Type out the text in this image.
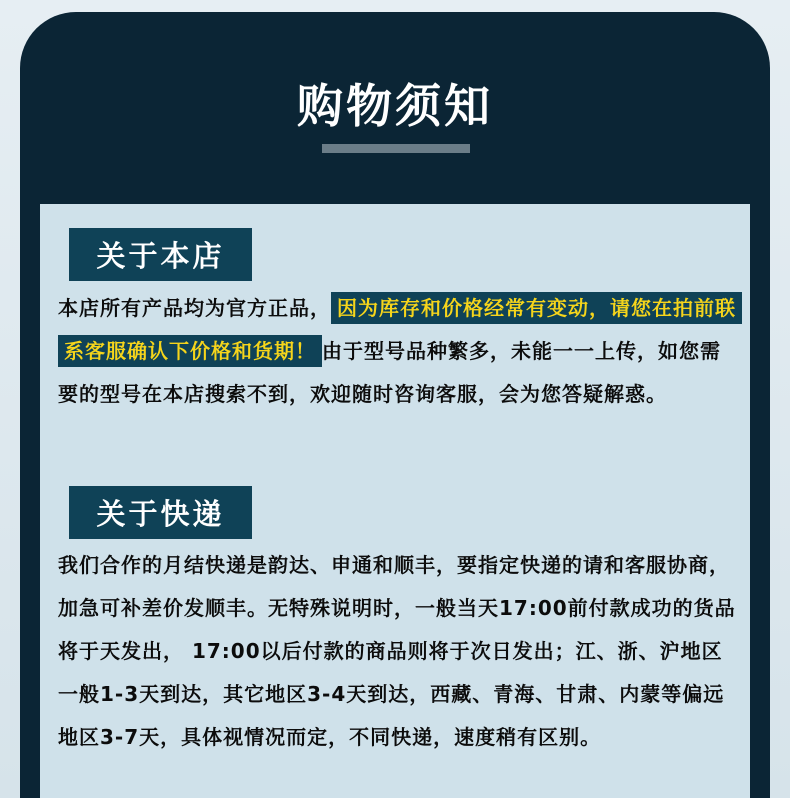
购物须知
关于本店
本店所有产品均为官方正品， 因为库存和价格经常有变动，请您在拍前联系客服确认下价格和货期！ 由于型号品种繁多，未能一一上传，如您需要的型号在本店搜索不到，欢迎随时咨询客服，会为您答疑解惑。
关于快递
我们合作的月结快递是韵达、申通和顺丰，要指定快递的请和客服协商，加急可补差价发顺丰。无特殊说明时，一般当天17:00前付款成功的货品将于天发出， 17:00以后付款的商品则将于次日发出；江、浙、沪地区一般1-3天到达，其它地区3-4天到达，西藏、青海、甘肃、内蒙等偏远地区3-7天，具体视情况而定，不同快递，速度稍有区别。
